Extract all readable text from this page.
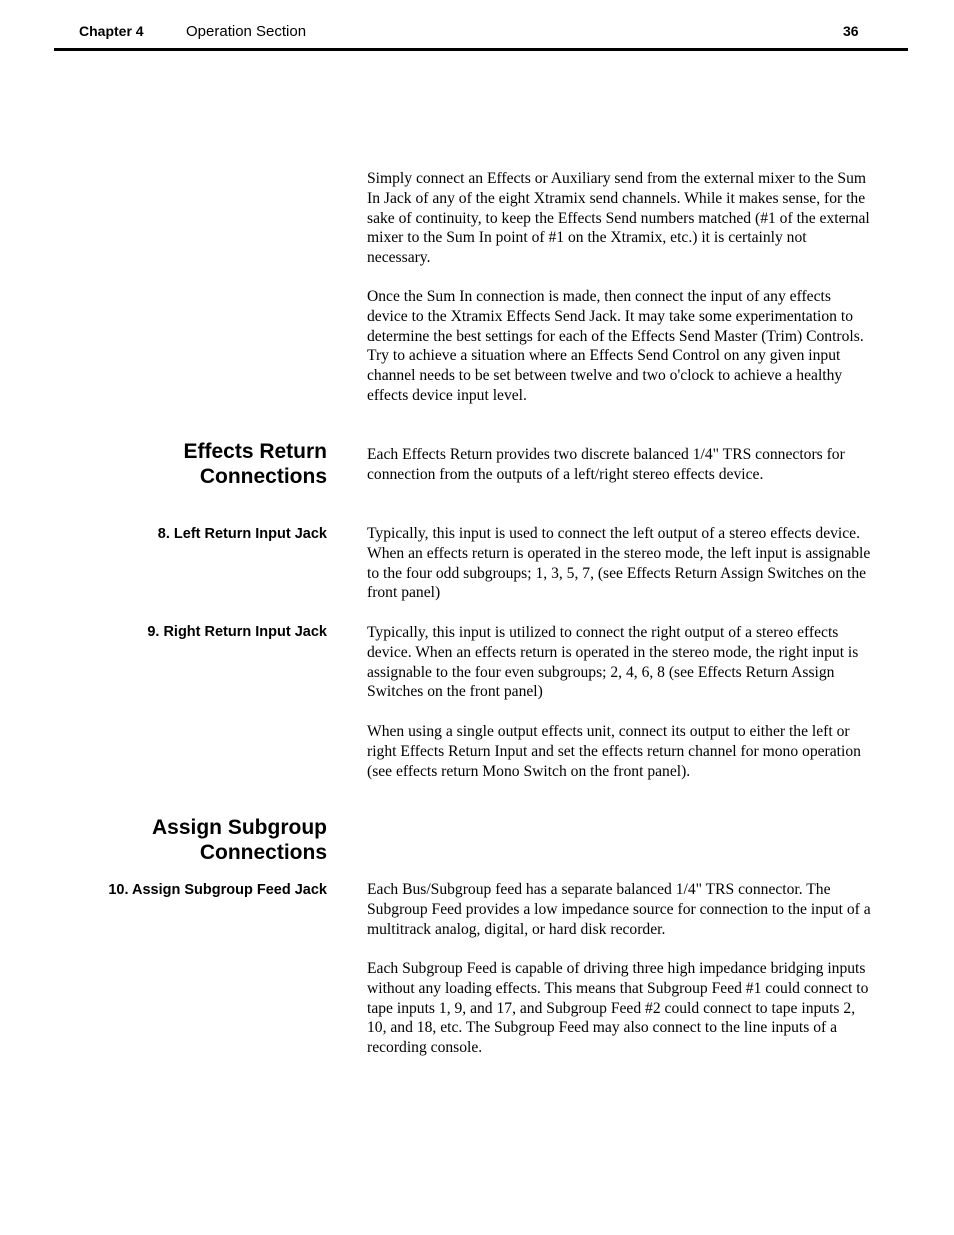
Chapter 4	Operation Section	36

Simply connect an Effects or Auxiliary send from the external mixer to the Sum In Jack of any of the eight Xtramix send channels. While it makes sense, for the sake of continuity, to keep the Effects Send numbers matched (#1 of the external mixer to the Sum In point of #1 on the Xtramix, etc.) it is certainly not necessary.

Once the Sum In connection is made, then connect the input of any effects device to the Xtramix Effects Send Jack. It may take some experimentation to determine the best settings for each of the Effects Send Master (Trim) Controls. Try to achieve a situation where an Effects Send Control on any given input channel needs to be set between twelve and two o'clock to achieve a healthy effects device input level.

Effects Return
Connections

Each Effects Return provides two discrete balanced 1/4" TRS connectors for connection from the outputs of a left/right stereo effects device.

8. Left Return Input Jack	Typically, this input is used to connect the left output of a stereo effects device. When an effects return is operated in the stereo mode, the left input is assignable to the four odd subgroups; 1, 3, 5, 7, (see Effects Return Assign Switches on the front panel)

9. Right Return Input Jack	Typically, this input is utilized to connect the right output of a stereo effects device. When an effects return is operated in the stereo mode, the right input is assignable to the four even subgroups; 2, 4, 6, 8 (see Effects Return Assign Switches on the front panel)

When using a single output effects unit, connect its output to either the left or right Effects Return Input and set the effects return channel for mono operation (see effects return Mono Switch on the front panel).

Assign Subgroup
Connections

10. Assign Subgroup Feed Jack	Each Bus/Subgroup feed has a separate balanced 1/4" TRS connector. The Subgroup Feed provides a low impedance source for connection to the input of a multitrack analog, digital, or hard disk recorder.

Each Subgroup Feed is capable of driving three high impedance bridging inputs without any loading effects. This means that Subgroup Feed #1 could connect to tape inputs 1, 9, and 17, and Subgroup Feed #2 could connect to tape inputs 2, 10, and 18, etc. The Subgroup Feed may also connect to the line inputs of a recording console.
